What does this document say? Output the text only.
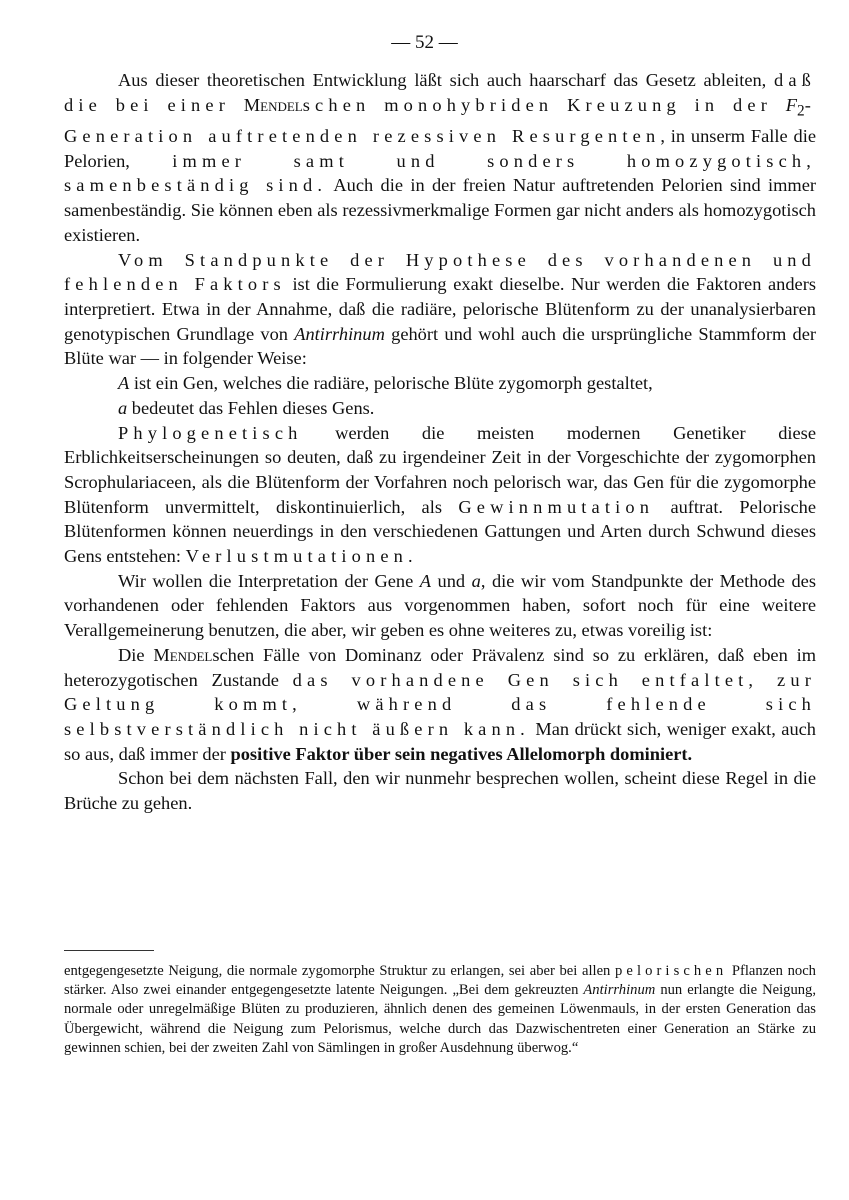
— 52 —

Aus dieser theoretischen Entwicklung läßt sich auch haarscharf das Gesetz ableiten, daß die bei einer Mendelschen monohybriden Kreuzung in der $F_2$-Generation auftretenden rezessiven Resurgenten, in unserm Falle die Pelorien, immer samt und sonders homozygotisch, samenbeständig sind. Auch die in der freien Natur auftretenden Pelorien sind immer samenbeständig. Sie können eben als rezessivmerkmalige Formen gar nicht anders als homozygotisch existieren.

Vom Standpunkte der Hypothese des vorhandenen und fehlenden Faktors ist die Formulierung exakt dieselbe. Nur werden die Faktoren anders interpretiert. Etwa in der Annahme, daß die radiäre, pelorische Blütenform zu der unanalysierbaren genotypischen Grundlage von Antirrhinum gehört und wohl auch die ursprüngliche Stammform der Blüte war — in folgender Weise:

A ist ein Gen, welches die radiäre, pelorische Blüte zygomorph gestaltet,

a bedeutet das Fehlen dieses Gens.

Phylogenetisch werden die meisten modernen Genetiker diese Erblichkeitserscheinungen so deuten, daß zu irgendeiner Zeit in der Vorgeschichte der zygomorphen Scrophulariaceen, als die Blütenform der Vorfahren noch pelorisch war, das Gen für die zygomorphe Blütenform unvermittelt, diskontinuierlich, als Gewinnmutation auftrat. Pelorische Blütenformen können neuerdings in den verschiedenen Gattungen und Arten durch Schwund dieses Gens entstehen: Verlustmutationen.

Wir wollen die Interpretation der Gene A und a, die wir vom Standpunkte der Methode des vorhandenen oder fehlenden Faktors aus vorgenommen haben, sofort noch für eine weitere Verallgemeinerung benutzen, die aber, wir geben es ohne weiteres zu, etwas voreilig ist:

Die Mendelschen Fälle von Dominanz oder Prävalenz sind so zu erklären, daß eben im heterozygotischen Zustande das vorhandene Gen sich entfaltet, zur Geltung kommt, während das fehlende sich selbstverständlich nicht äußern kann. Man drückt sich, weniger exakt, auch so aus, daß immer der positive Faktor über sein negatives Allelomorph dominiert.

Schon bei dem nächsten Fall, den wir nunmehr besprechen wollen, scheint diese Regel in die Brüche zu gehen.

entgegengesetzte Neigung, die normale zygomorphe Struktur zu erlangen, sei aber bei allen pelorischen Pflanzen noch stärker. Also zwei einander entgegengesetzte latente Neigungen. „Bei dem gekreuzten Antirrhinum nun erlangte die Neigung, normale oder unregelmäßige Blüten zu produzieren, ähnlich denen des gemeinen Löwenmauls, in der ersten Generation das Übergewicht, während die Neigung zum Pelorismus, welche durch das Dazwischentreten einer Generation an Stärke zu gewinnen schien, bei der zweiten Zahl von Sämlingen in großer Ausdehnung überwog.“
